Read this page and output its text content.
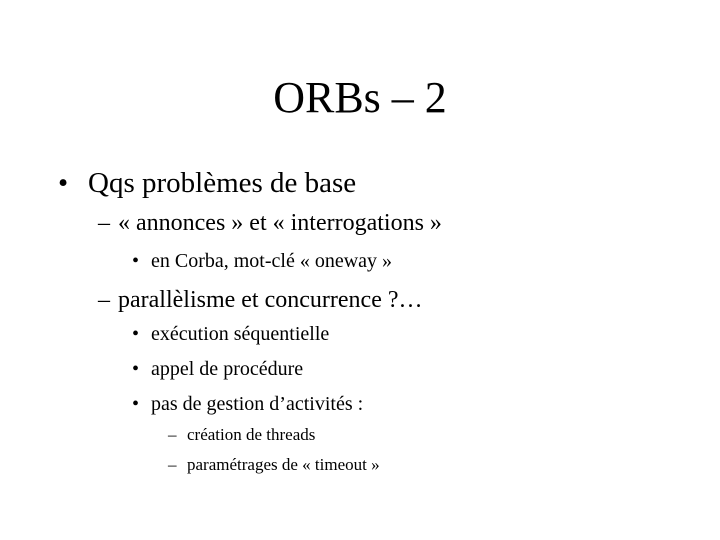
ORBs – 2
• Qqs problèmes de base
– « annonces » et « interrogations »
• en Corba, mot-clé « oneway »
– parallèlisme et concurrence ?…
• exécution séquentielle
• appel de procédure
• pas de gestion d’activités :
– création de threads
– paramétrages de « timeout »
